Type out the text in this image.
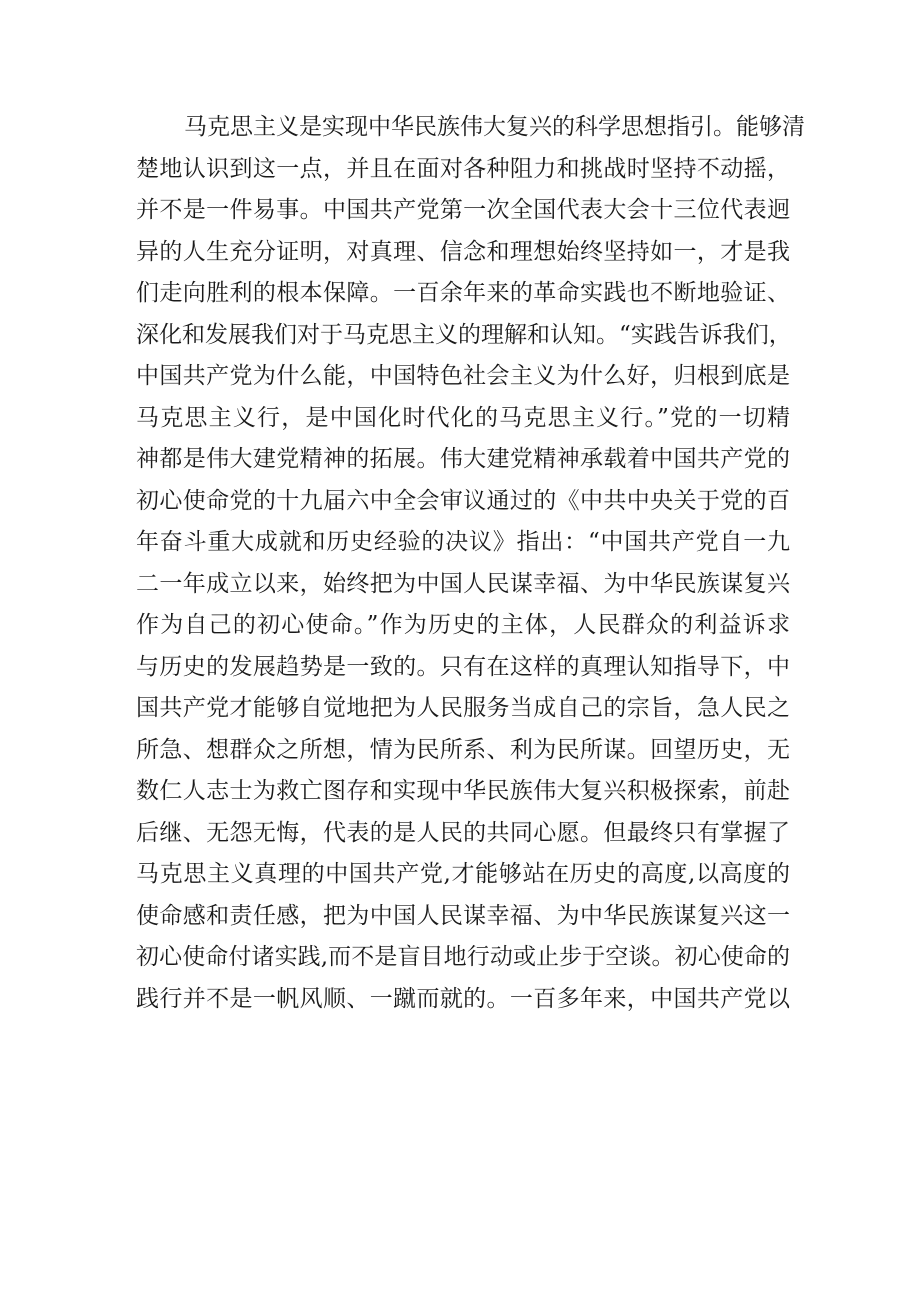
马克思主义是实现中华民族伟大复兴的科学思想指引。能够清
楚地认识到这一点，并且在面对各种阻力和挑战时坚持不动摇，
并不是一件易事。中国共产党第一次全国代表大会十三位代表迥
异的人生充分证明，对真理、信念和理想始终坚持如一，才是我
们走向胜利的根本保障。一百余年来的革命实践也不断地验证、
深化和发展我们对于马克思主义的理解和认知。“实践告诉我们，
中国共产党为什么能，中国特色社会主义为什么好，归根到底是
马克思主义行，是中国化时代化的马克思主义行。”党的一切精
神都是伟大建党精神的拓展。伟大建党精神承载着中国共产党的
初心使命党的十九届六中全会审议通过的《中共中央关于党的百
年奋斗重大成就和历史经验的决议》指出：“中国共产党自一九
二一年成立以来，始终把为中国人民谋幸福、为中华民族谋复兴
作为自己的初心使命。”作为历史的主体，人民群众的利益诉求
与历史的发展趋势是一致的。只有在这样的真理认知指导下，中
国共产党才能够自觉地把为人民服务当成自己的宗旨，急人民之
所急、想群众之所想，情为民所系、利为民所谋。回望历史，无
数仁人志士为救亡图存和实现中华民族伟大复兴积极探索，前赴
后继、无怨无悔，代表的是人民的共同心愿。但最终只有掌握了
马克思主义真理的中国共产党,才能够站在历史的高度,以高度的
使命感和责任感，把为中国人民谋幸福、为中华民族谋复兴这一
初心使命付诸实践,而不是盲目地行动或止步于空谈。初心使命的
践行并不是一帆风顺、一蹴而就的。一百多年来，中国共产党以
